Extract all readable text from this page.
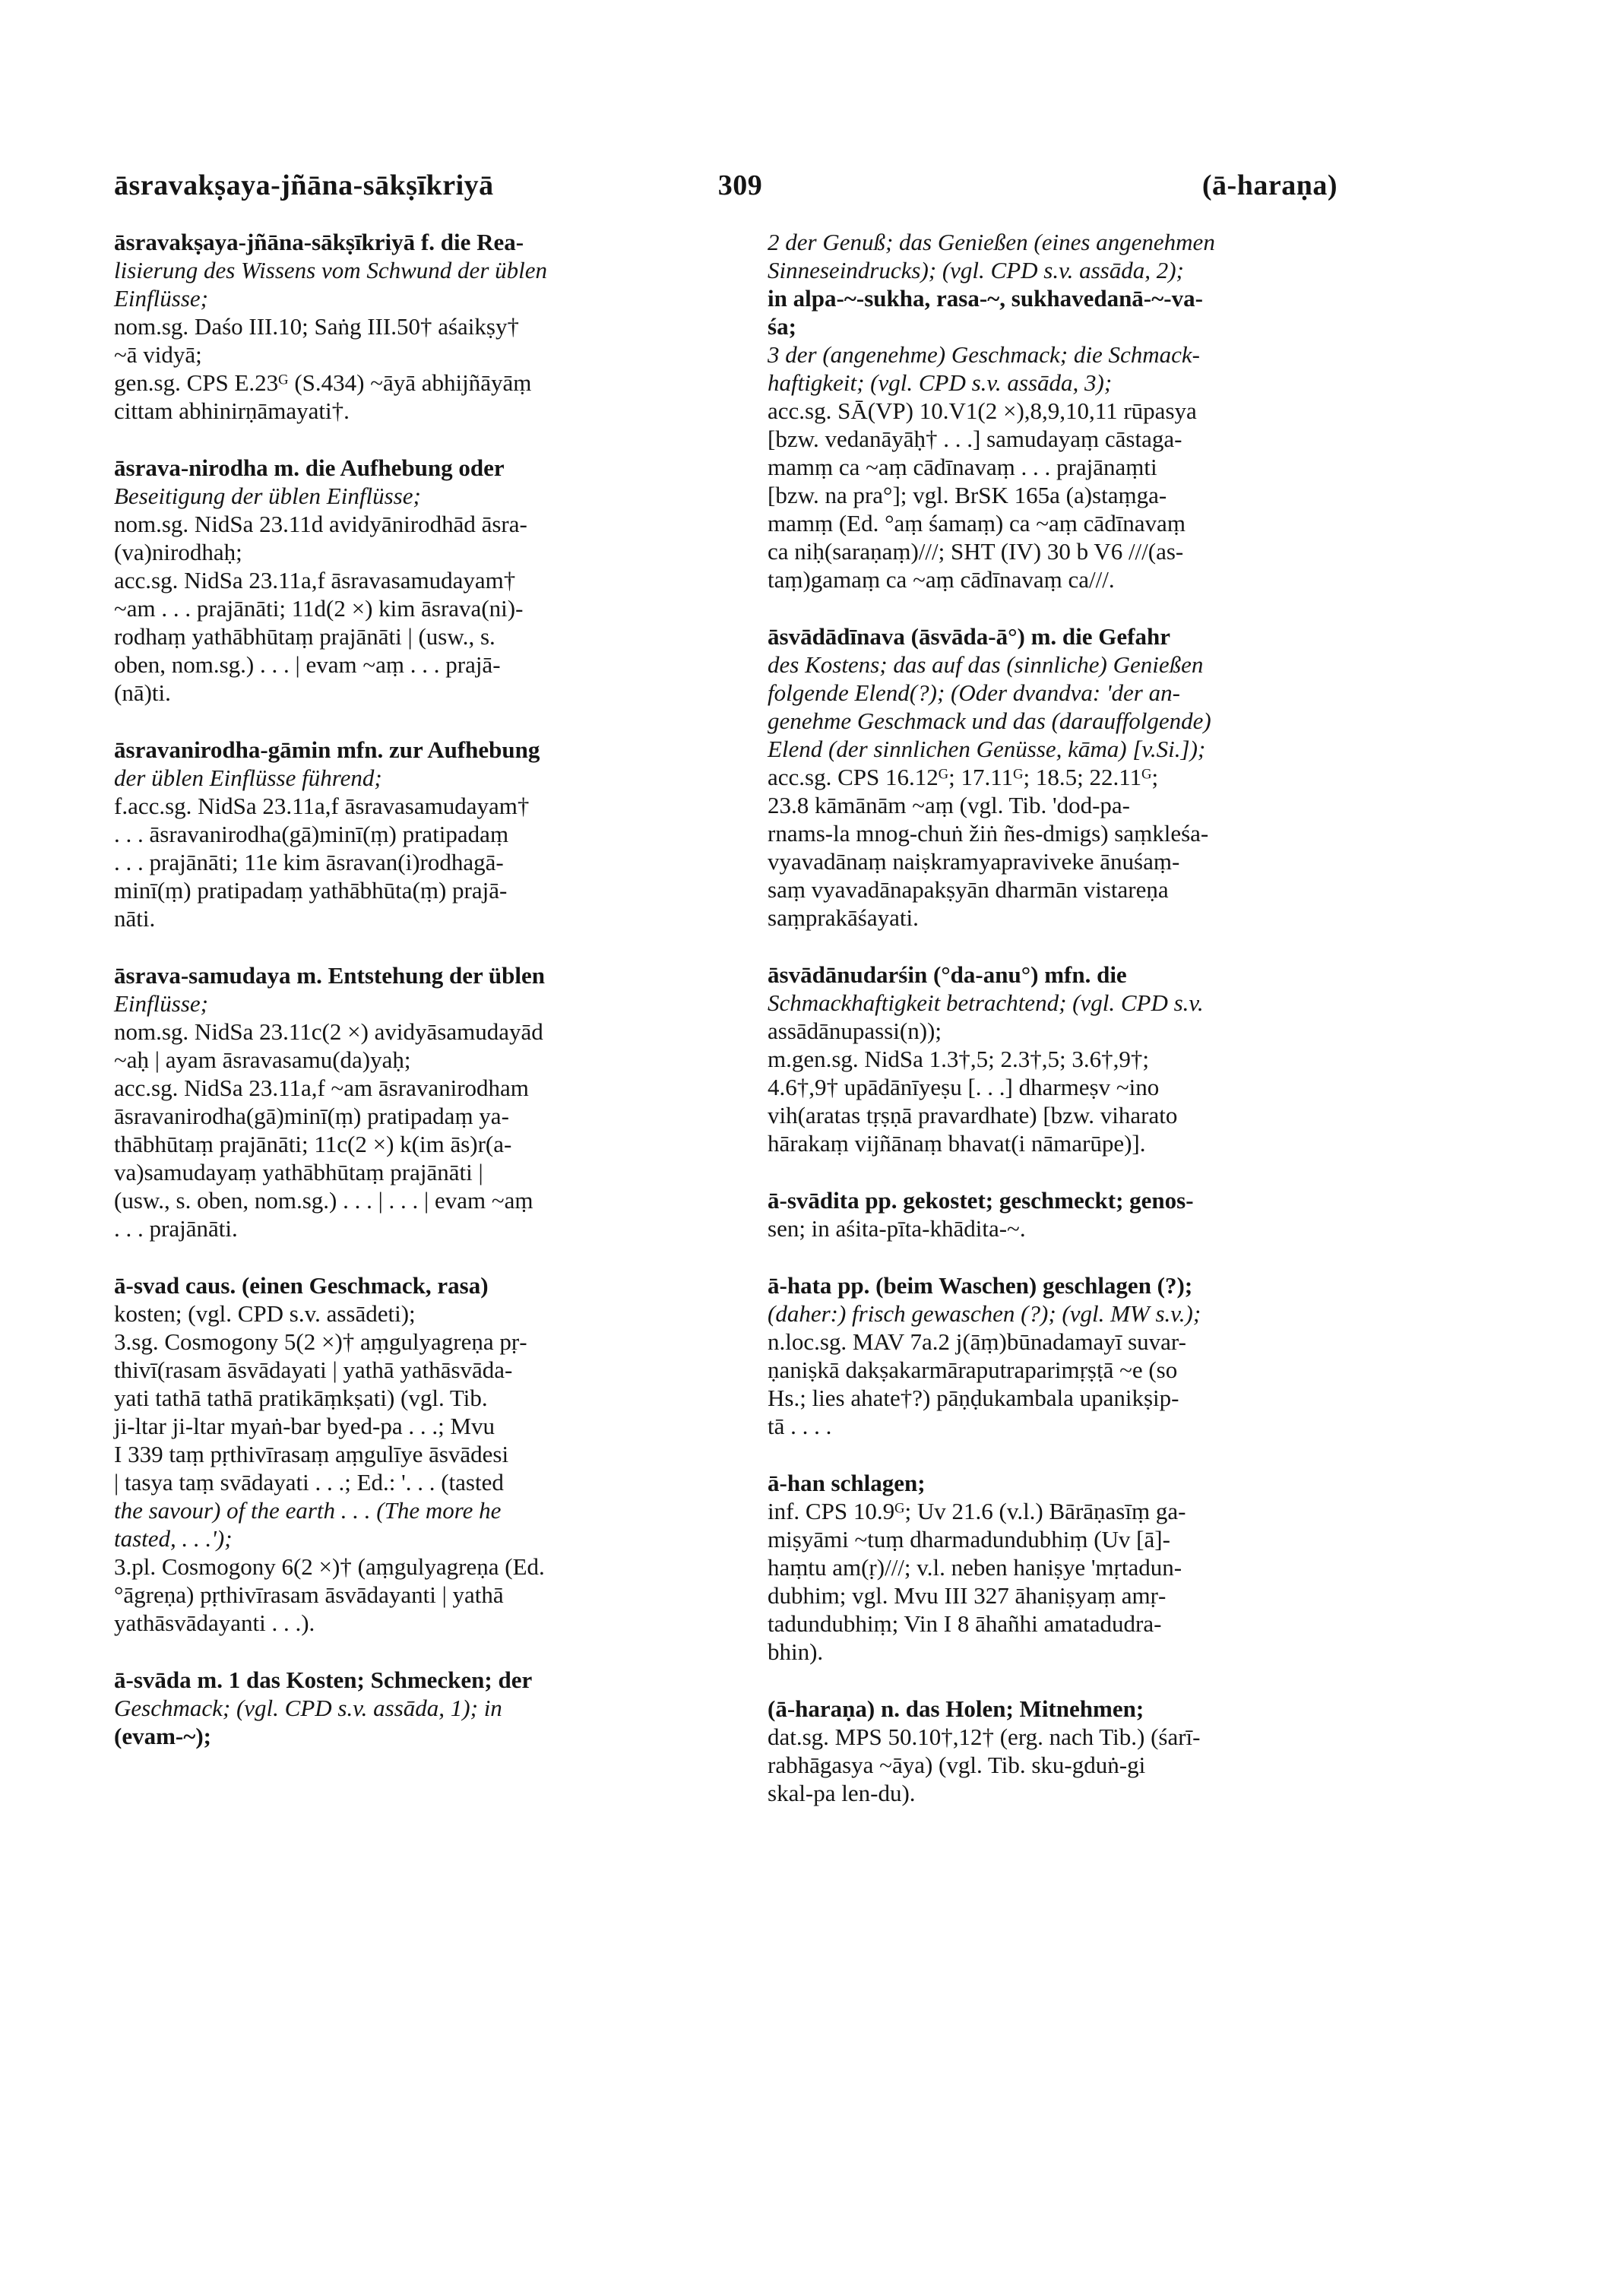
āsravakṣaya-jñāna-sākṣīkriyā	309	(ā-haraṇa)
āsravakṣaya-jñāna-sākṣīkriyā f. die Rea-
lisierung des Wissens vom Schwund der üblen
Einflüsse;
nom.sg. Daśo III.10; Saṅg III.50† aśaikṣy†
~ā vidyā;
gen.sg. CPS E.23ᴳ (S.434) ~āyā abhijñāyāṃ
cittam abhinirṇāmayati†.
āsrava-nirodha m. die Aufhebung oder
Beseitigung der üblen Einflüsse;
nom.sg. NidSa 23.11d avidyānirodhād āsra-
(va)nirodhaḥ;
acc.sg. NidSa 23.11a,f āsravasamudayam†
~am . . . prajānāti; 11d(2 ×) kim āsrava(ni)-
rodhaṃ yathābhūtaṃ prajānāti | (usw., s.
oben, nom.sg.) . . . | evam ~aṃ . . . prajā-
(nā)ti.
āsravanirodha-gāmin mfn. zur Aufhebung
der üblen Einflüsse führend;
f.acc.sg. NidSa 23.11a,f āsravasamudayam†
. . . āsravanirodha(gā)minī(ṃ) pratipadaṃ
. . . prajānāti; 11e kim āsravan(i)rodhagā-
minī(ṃ) pratipadaṃ yathābhūta(ṃ) prajā-
nāti.
āsrava-samudaya m. Entstehung der üblen
Einflüsse;
nom.sg. NidSa 23.11c(2 ×) avidyāsamudayād
~aḥ | ayam āsravasamu(da)yaḥ;
acc.sg. NidSa 23.11a,f ~am āsravanirodham
āsravanirodha(gā)minī(ṃ) pratipadaṃ ya-
thābhūtaṃ prajānāti; 11c(2 ×) k(im ās)r(a-
va)samudayaṃ yathābhūtaṃ prajānāti |
(usw., s. oben, nom.sg.) . . . | . . . | evam ~aṃ
. . . prajānāti.
ā-svad caus. (einen Geschmack, rasa)
kosten; (vgl. CPD s.v. assādeti);
3.sg. Cosmogony 5(2 ×)† aṃgulyagreṇa pṛ-
thivī(rasam āsvādayati | yathā yathāsvāda-
yati tathā tathā pratikāṃkṣati) (vgl. Tib.
ji-ltar ji-ltar myaṅ-bar byed-pa . . .; Mvu
I 339 taṃ pṛthivīrasaṃ aṃgulīye āsvādesi
| tasya taṃ svādayati . . .; Ed.: '. . . (tasted
the savour) of the earth . . . (The more he
tasted, . . .');
3.pl. Cosmogony 6(2 ×)† (aṃgulyagreṇa (Ed.
°āgreṇa) pṛthivīrasam āsvādayanti | yathā
yathāsvādayanti . . .).
ā-svāda m. 1 das Kosten; Schmecken; der
Geschmack; (vgl. CPD s.v. assāda, 1); in
(evam-~);
2 der Genuß; das Genießen (eines angenehmen
Sinneseindrucks); (vgl. CPD s.v. assāda, 2);
in alpa-~-sukha, rasa-~, sukhavedanā-~-va-
śa;
3 der (angenehme) Geschmack; die Schmack-
haftigkeit; (vgl. CPD s.v. assāda, 3);
acc.sg. SĀ(VP) 10.V1(2 ×),8,9,10,11 rūpasya
[bzw. vedanāyāḥ† . . .] samudayaṃ cāstaga-
mamṃ ca ~aṃ cādīnavaṃ . . . prajānaṃti
[bzw. na pra°]; vgl. BrSK 165a (a)staṃga-
mamṃ (Ed. °aṃ śamaṃ) ca ~aṃ cādīnavaṃ
ca niḥ(saraṇaṃ)///; SHT (IV) 30 b V6 ///(as-
taṃ)gamaṃ ca ~aṃ cādīnavaṃ ca///.
āsvādādīnava (āsvāda-ā°) m. die Gefahr
des Kostens; das auf das (sinnliche) Genießen
folgende Elend(?); (Oder dvandva: 'der an-
genehme Geschmack und das (darauffolgende)
Elend (der sinnlichen Genüsse, kāma) [v.Si.]);
acc.sg. CPS 16.12ᴳ; 17.11ᴳ; 18.5; 22.11ᴳ;
23.8 kāmānām ~aṃ (vgl. Tib. 'dod-pa-
rnams-la mnog-chuṅ žiṅ ñes-dmigs) saṃkleśa-
vyavadānaṃ naiṣkramyapraviveke ānuśaṃ-
saṃ vyavadānapakṣyān dharmān vistareṇa
saṃprakāśayati.
āsvādānudarśin (°da-anu°) mfn. die
Schmackhaftigkeit betrachtend; (vgl. CPD s.v.
assādānupassi(n));
m.gen.sg. NidSa 1.3†,5; 2.3†,5; 3.6†,9†;
4.6†,9† upādānīyeṣu [. . .] dharmeṣv ~ino
vih(aratas tṛṣṇā pravardhate) [bzw. viharato
hārakaṃ vijñānaṃ bhavat(i nāmarūpe)].
ā-svādita pp. gekostet; geschmeckt; genos-
sen; in aśita-pīta-khādita-~.
ā-hata pp. (beim Waschen) geschlagen (?);
(daher:) frisch gewaschen (?); (vgl. MW s.v.);
n.loc.sg. MAV 7a.2 j(āṃ)būnadamayī suvar-
ṇaniṣkā dakṣakarmāraputraparimṛṣṭā ~e (so
Hs.; lies ahate†?) pāṇḍukambala upanikṣip-
tā . . . .
ā-han schlagen;
inf. CPS 10.9ᴳ; Uv 21.6 (v.l.) Bārāṇasīṃ ga-
miṣyāmi ~tuṃ dharmadundubhiṃ (Uv [ā]-
haṃtu am(ṛ)///; v.l. neben haniṣye 'mṛtadun-
dubhim; vgl. Mvu III 327 āhaniṣyaṃ amṛ-
tadundubhiṃ; Vin I 8 āhañhi amatadudra-
bhin).
(ā-haraṇa) n. das Holen; Mitnehmen;
dat.sg. MPS 50.10†,12† (erg. nach Tib.) (śarī-
rabhāgasya ~āya) (vgl. Tib. sku-gduṅ-gi
skal-pa len-du).
